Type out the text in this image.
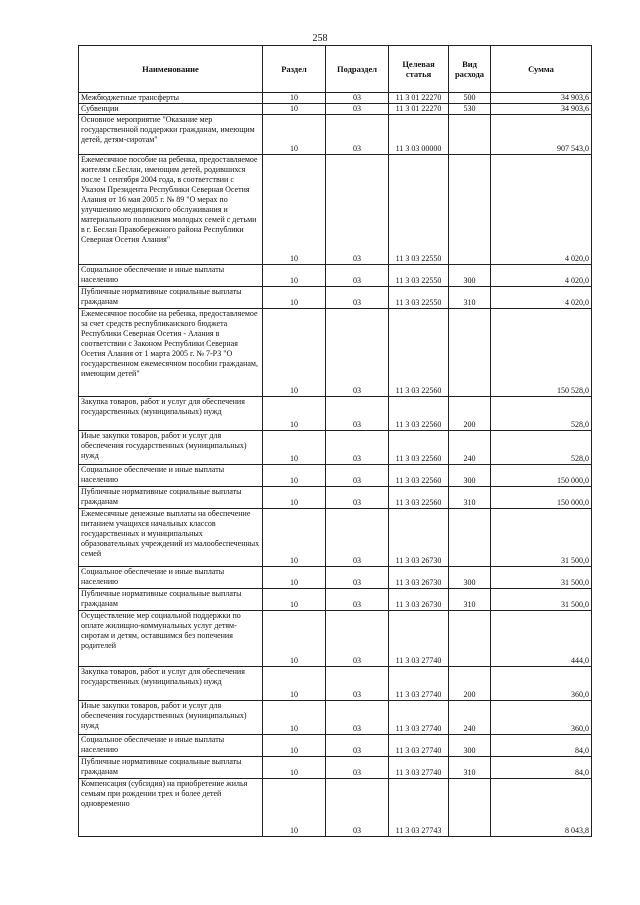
258
Наименование	Раздел	Подраздел	Целевая статья	Вид расхода	Сумма
Межбюджетные трансферты	10	03	11 3 01 22270	500	34 903,6
Субвенции	10	03	11 3 01 22270	530	34 903,6
Основное мероприятие "Оказание мер государственной поддержки гражданам, имеющим детей, детям-сиротам"	10	03	11 3 03 00000		907 543,0
Ежемесячное пособие на ребенка, предоставляемое жителям г.Беслан, имеющим детей, родившихся после 1 сентября 2004 года, в соответствии с Указом Президента Республики Северная Осетия Алания от 16 мая 2005 г. № 89 "О мерах по улучшению медицинского обслуживания и материального положения молодых семей с детьми в г. Беслан Правобережного района Республики Северная Осетия Алания"	10	03	11 3 03 22550		4 020,0
Социальное обеспечение и иные выплаты населению	10	03	11 3 03 22550	300	4 020,0
Публичные нормативные социальные выплаты гражданам	10	03	11 3 03 22550	310	4 020,0
Ежемесячное пособие на ребенка, предоставляемое за счет средств республиканского бюджета Республики Северная Осетия - Алания в соответствии с Законом Республики Северная Осетия Алания от 1 марта 2005 г. № 7-РЗ "О государственном ежемесячном пособии гражданам, имеющим детей"	10	03	11 3 03 22560		150 528,0
Закупка товаров, работ и услуг для обеспечения государственных (муниципальных) нужд	10	03	11 3 03 22560	200	528,0
Иные закупки товаров, работ и услуг для обеспечения государственных (муниципальных) нужд	10	03	11 3 03 22560	240	528,0
Социальное обеспечение и иные выплаты населению	10	03	11 3 03 22560	300	150 000,0
Публичные нормативные социальные выплаты гражданам	10	03	11 3 03 22560	310	150 000,0
Ежемесячные денежные выплаты на обеспечение питанием учащихся начальных классов государственных и муниципальных образовательных учреждений из малообеспеченных семей	10	03	11 3 03 26730		31 500,0
Социальное обеспечение и иные выплаты населению	10	03	11 3 03 26730	300	31 500,0
Публичные нормативные социальные выплаты гражданам	10	03	11 3 03 26730	310	31 500,0
Осуществление мер социальной поддержки по оплате жилищно-коммунальных услуг детям-сиротам и детям, оставшимся без попечения родителей	10	03	11 3 03 27740		444,0
Закупка товаров, работ и услуг для обеспечения государственных (муниципальных) нужд	10	03	11 3 03 27740	200	360,0
Иные закупки товаров, работ и услуг для обеспечения государственных (муниципальных) нужд	10	03	11 3 03 27740	240	360,0
Социальное обеспечение и иные выплаты населению	10	03	11 3 03 27740	300	84,0
Публичные нормативные социальные выплаты гражданам	10	03	11 3 03 27740	310	84,0
Компенсация (субсидия) на приобретение жилья семьям при рождении трех и более детей одновременно	10	03	11 3 03 27743		8 043,8
